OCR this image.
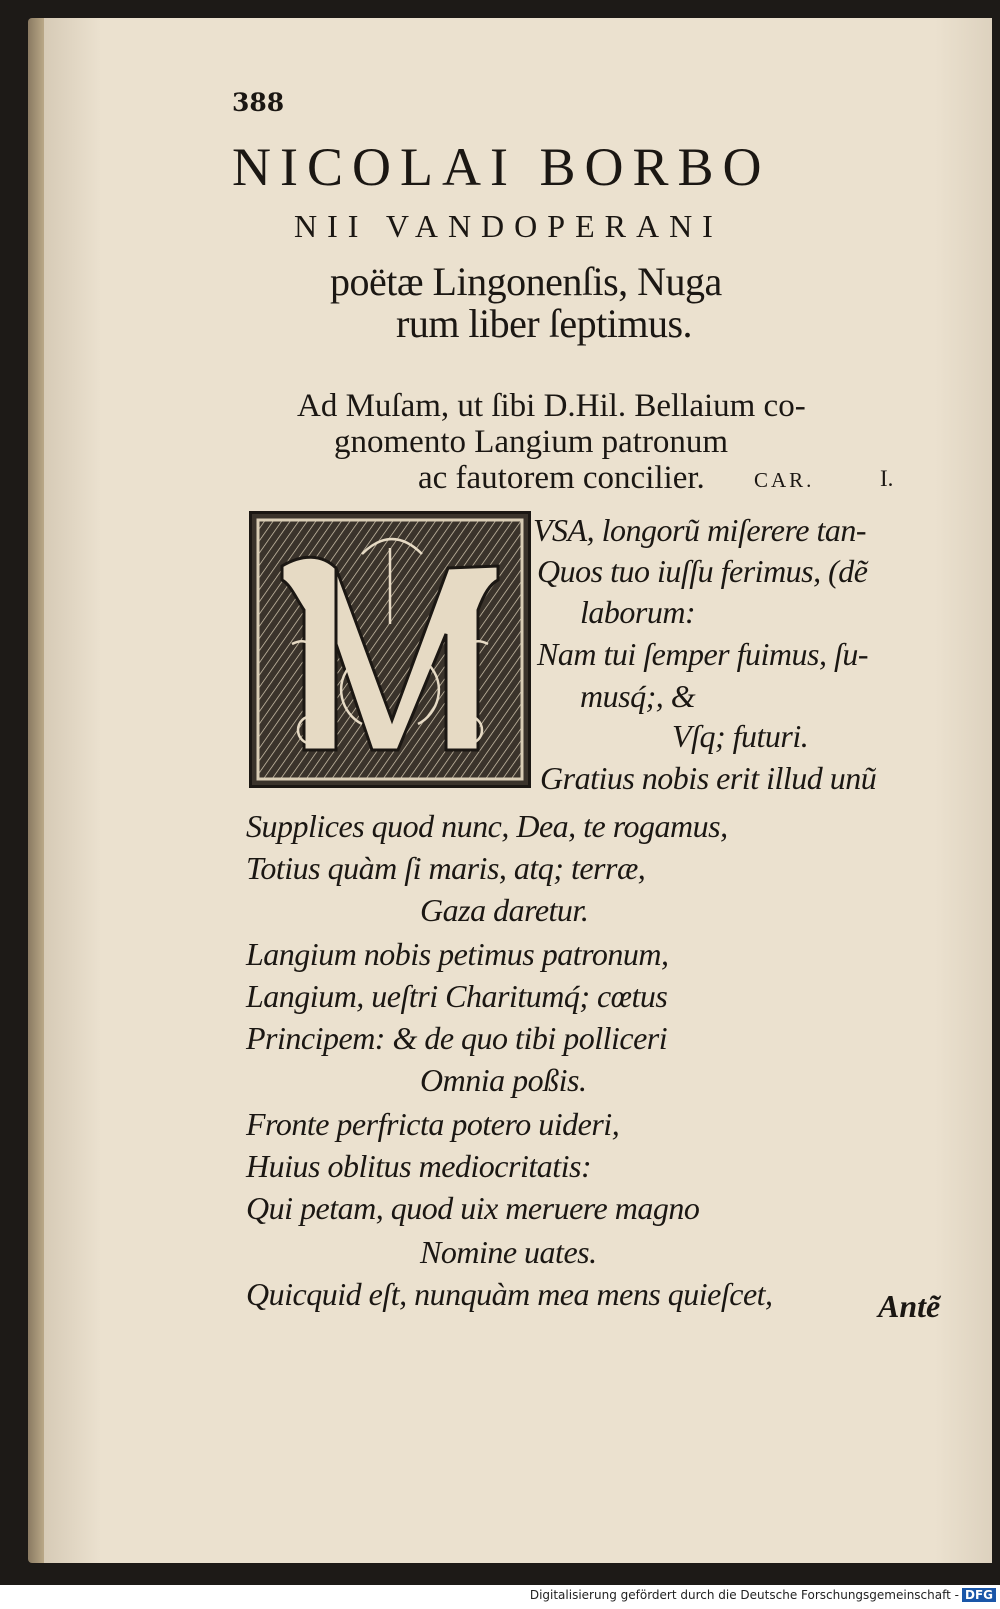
388
NICOLAI BORBO
NII VANDOPERANI
poëtæ Lingonenſis, Nuga
rum liber ſeptimus.
Ad Muſam, ut ſibi D.Hil. Bellaium co-
gnomento Langium patronum
ac fautorem concilier. CAR.	I.
VSA, longorũ miſerere tan-
Quos tuo iuſſu ferimus, (dẽ
laborum:
Nam tui ſemper fuimus, ſu-
musq́;, &
Vſq; futuri.
Gratius nobis erit illud unũ
Supplices quod nunc, Dea, te rogamus,
Totius quàm ſi maris, atq; terræ,
Gaza daretur.
Langium nobis petimus patronum,
Langium, ueſtri Charitumq́; cœtus
Principem: & de quo tibi polliceri
Omnia poßis.
Fronte perfricta potero uideri,
Huius oblitus mediocritatis:
Qui petam, quod uix meruere magno
Nomine uates.
Quicquid eſt, nunquàm mea mens quieſcet,	Antẽ
Digitalisierung gefördert durch die Deutsche Forschungsgemeinschaft - DFG
